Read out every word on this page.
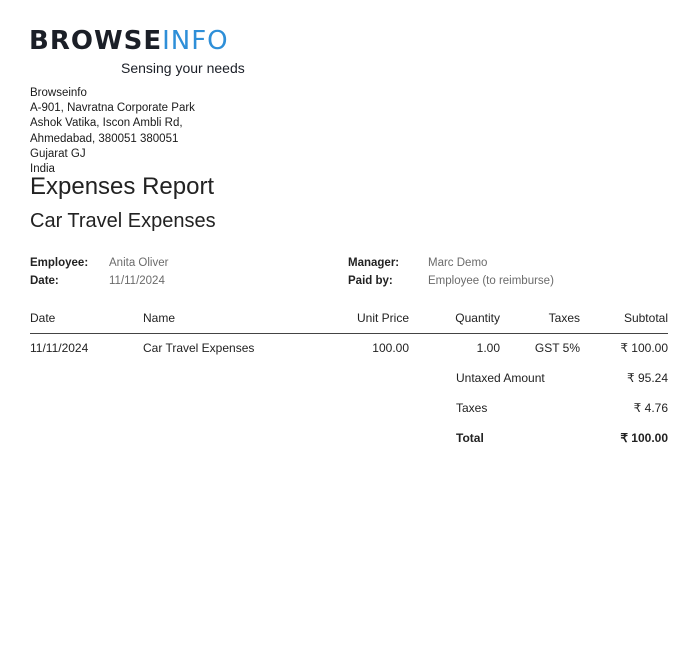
BROWSEINFO
Sensing your needs
Browseinfo
A-901, Navratna Corporate Park
Ashok Vatika, Iscon Ambli Rd,
Ahmedabad, 380051 380051
Gujarat GJ
India
Expenses Report
Car Travel Expenses
Employee: Anita Oliver
Date:	11/11/2024
Manager:	Marc Demo
Paid by:	Employee (to reimburse)
Date	Name	Unit Price	Quantity	Taxes	Subtotal
11/11/2024	Car Travel Expenses	100.00	1.00	GST 5%	₹ 100.00
Untaxed Amount	₹ 95.24
Taxes	₹ 4.76
Total	₹ 100.00
